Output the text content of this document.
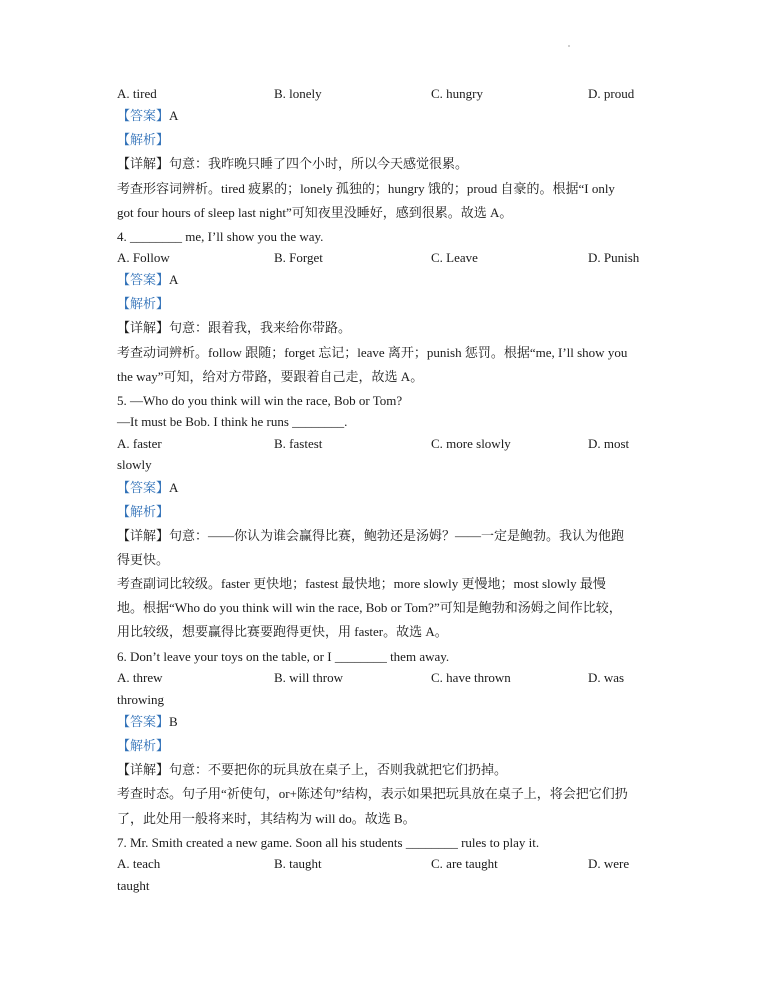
A. tired	B. lonely	C. hungry	D. proud
【答案】A
【解析】
【详解】句意：我昨晚只睡了四个小时，所以今天感觉很累。
考查形容词辨析。tired 疲累的；lonely 孤独的；hungry 饿的；proud 自豪的。根据“I only
got four hours of sleep last night”可知夜里没睡好，感到很累。故选 A。
4. ________ me, I’ll show you the way.
A. Follow	B. Forget	C. Leave	D. Punish
【答案】A
【解析】
【详解】句意：跟着我，我来给你带路。
考查动词辨析。follow 跟随；forget 忘记；leave 离开；punish 惩罚。根据“me, I’ll show you
the way”可知，给对方带路，要跟着自己走，故选 A。
5. —Who do you think will win the race, Bob or Tom?
—It must be Bob. I think he runs ________.
A. faster	B. fastest	C. more slowly	D. most
slowly
【答案】A
【解析】
【详解】句意：——你认为谁会赢得比赛，鲍勃还是汤姆？——一定是鲍勃。我认为他跑
得更快。
考查副词比较级。faster 更快地；fastest 最快地；more slowly 更慢地；most slowly 最慢
地。根据“Who do you think will win the race, Bob or Tom?”可知是鲍勃和汤姆之间作比较，
用比较级，想要赢得比赛要跑得更快，用 faster。故选 A。
6. Don’t leave your toys on the table, or I ________ them away.
A. threw	B. will throw	C. have thrown	D. was
throwing
【答案】B
【解析】
【详解】句意：不要把你的玩具放在桌子上，否则我就把它们扔掉。
考查时态。句子用“祈使句，or+陈述句”结构，表示如果把玩具放在桌子上，将会把它们扔
了，此处用一般将来时，其结构为 will do。故选 B。
7. Mr. Smith created a new game. Soon all his students ________ rules to play it.
A. teach	B. taught	C. are taught	D. were
taught
